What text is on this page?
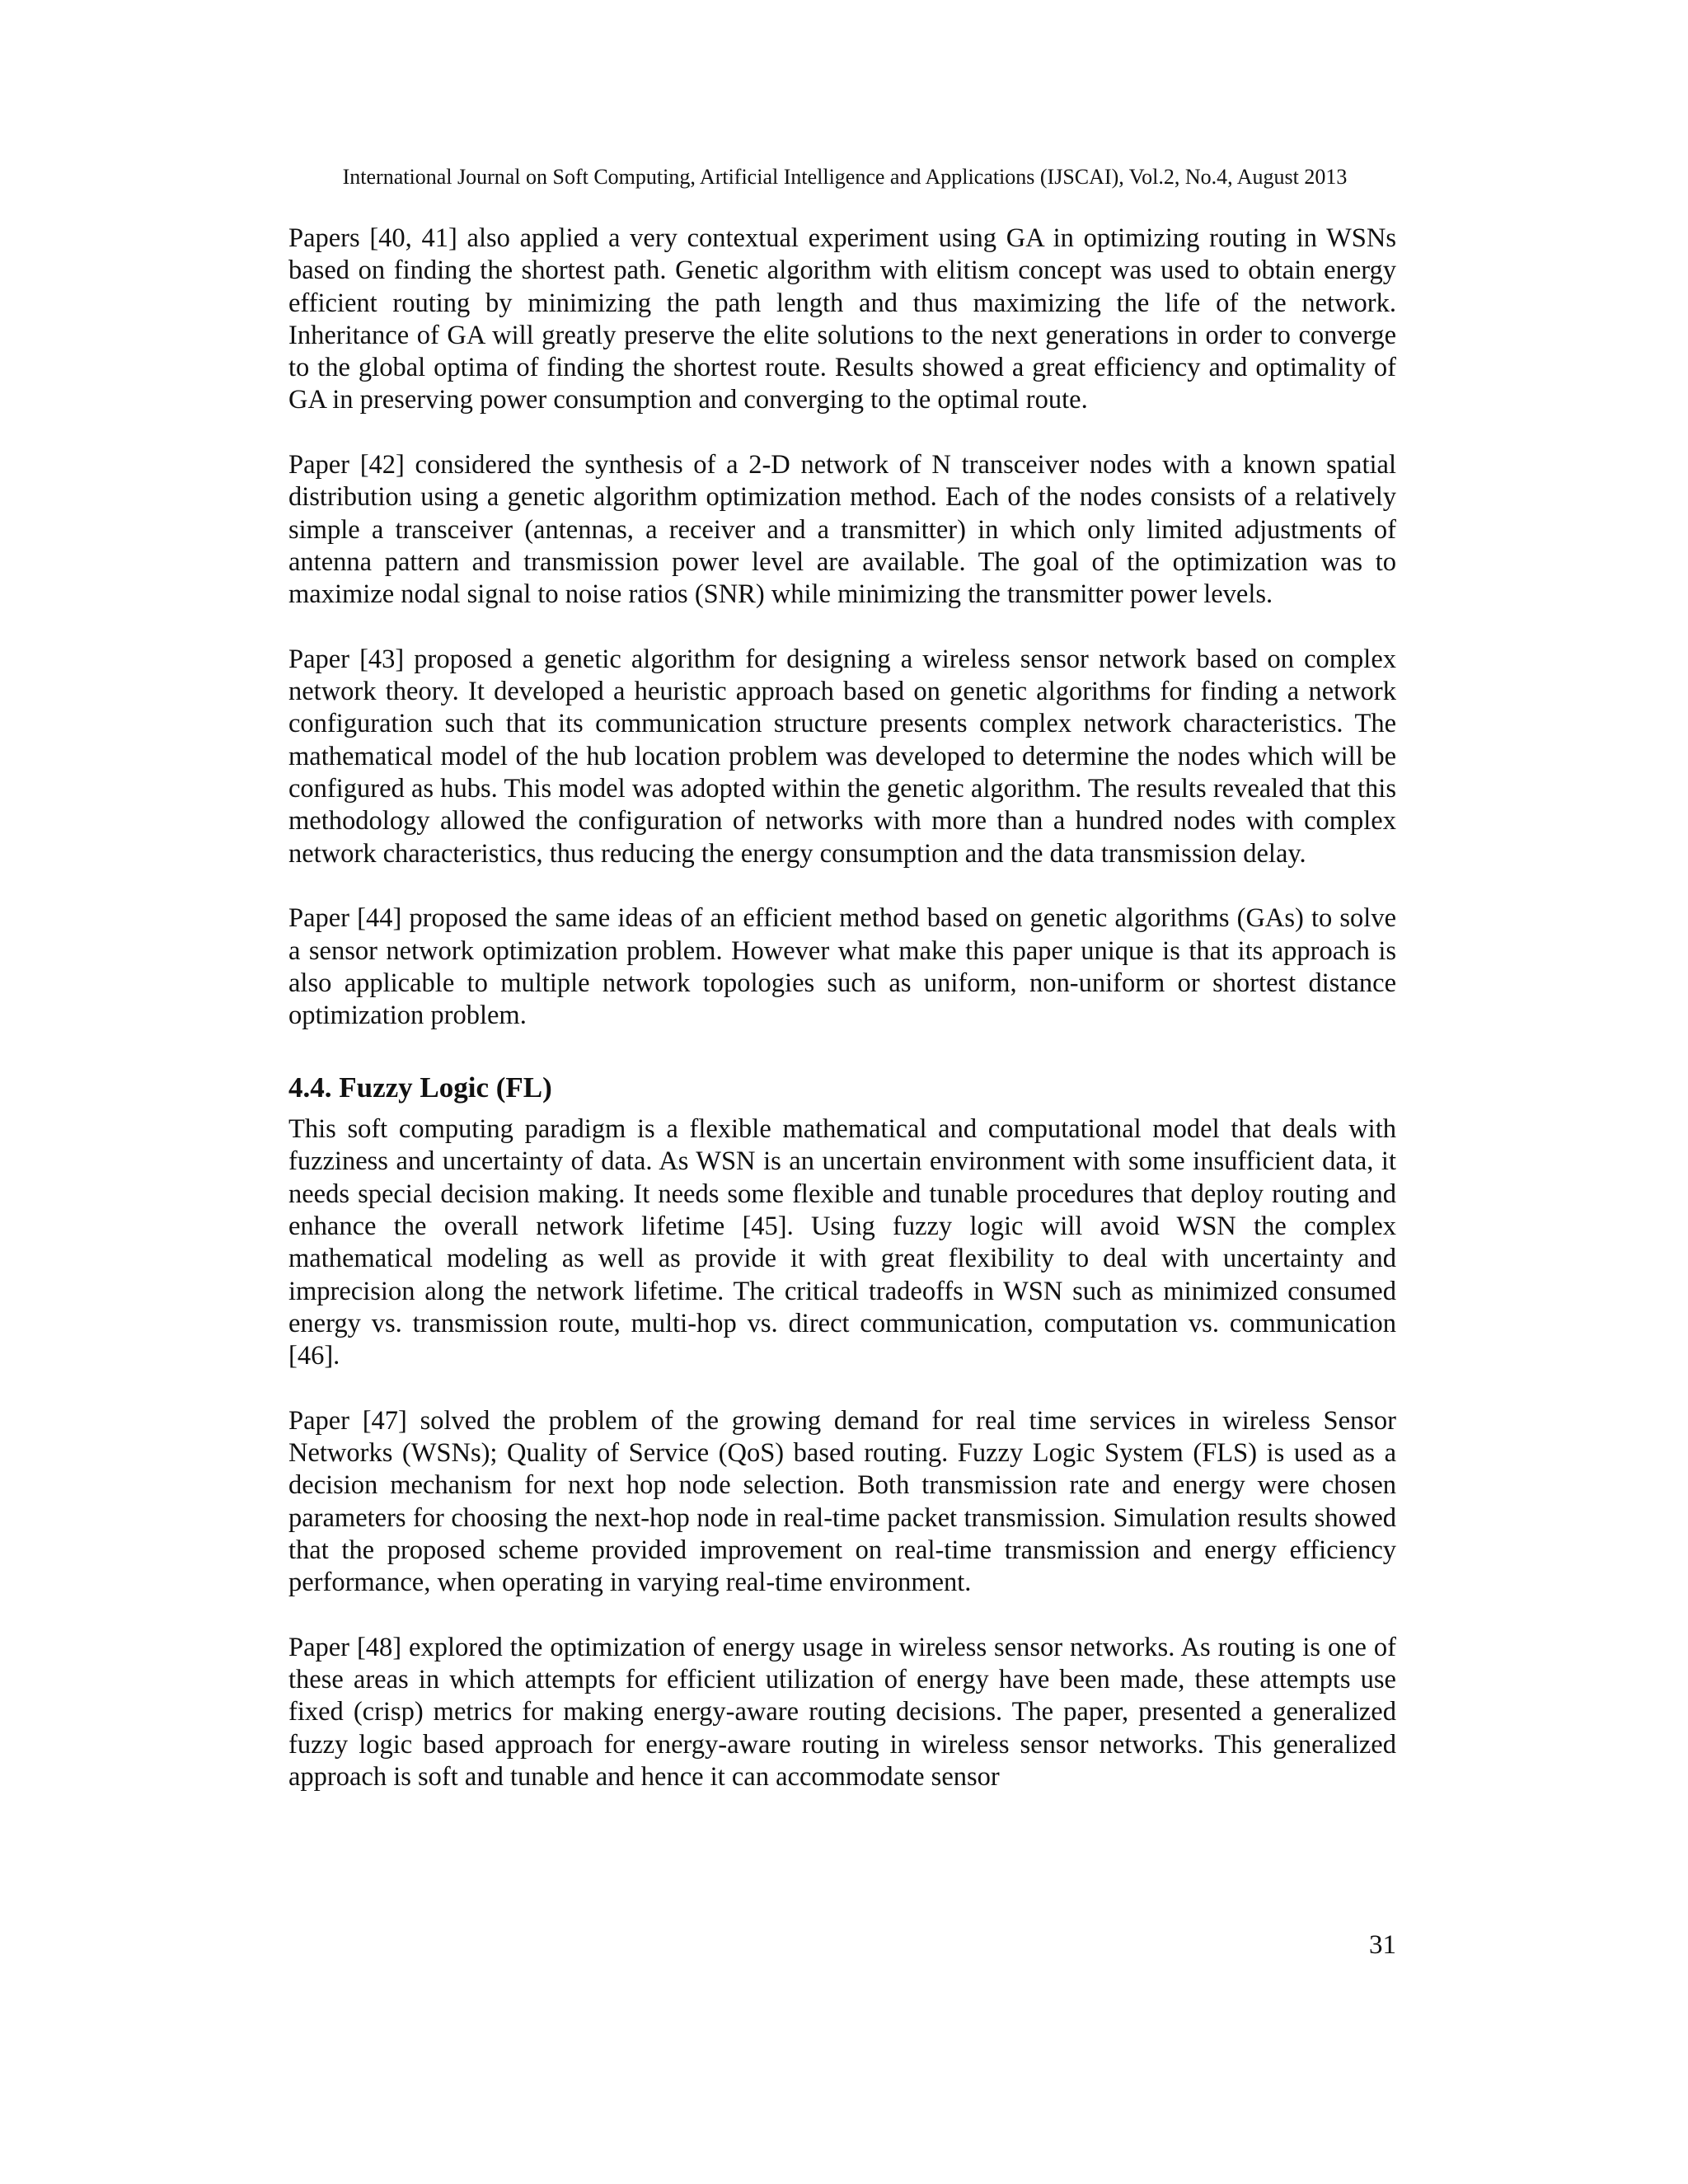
International Journal on Soft Computing, Artificial Intelligence and Applications (IJSCAI), Vol.2, No.4, August 2013

Papers [40, 41] also applied a very contextual experiment using GA in optimizing routing in WSNs based on finding the shortest path. Genetic algorithm with elitism concept was used to obtain energy efficient routing by minimizing the path length and thus maximizing the life of the network. Inheritance of GA will greatly preserve the elite solutions to the next generations in order to converge to the global optima of finding the shortest route. Results showed a great efficiency and optimality of GA in preserving power consumption and converging to the optimal route.

Paper [42] considered the synthesis of a 2-D network of N transceiver nodes with a known spatial distribution using a genetic algorithm optimization method. Each of the nodes consists of a relatively simple a transceiver (antennas, a receiver and a transmitter) in which only limited adjustments of antenna pattern and transmission power level are available. The goal of the optimization was to maximize nodal signal to noise ratios (SNR) while minimizing the transmitter power levels.

Paper [43] proposed a genetic algorithm for designing a wireless sensor network based on complex network theory. It developed a heuristic approach based on genetic algorithms for finding a network configuration such that its communication structure presents complex network characteristics. The mathematical model of the hub location problem was developed to determine the nodes which will be configured as hubs. This model was adopted within the genetic algorithm. The results revealed that this methodology allowed the configuration of networks with more than a hundred nodes with complex network characteristics, thus reducing the energy consumption and the data transmission delay.

Paper [44] proposed the same ideas of an efficient method based on genetic algorithms (GAs) to solve a sensor network optimization problem. However what make this paper unique is that its approach is also applicable to multiple network topologies such as uniform, non-uniform or shortest distance optimization problem.

4.4. Fuzzy Logic (FL)

This soft computing paradigm is a flexible mathematical and computational model that deals with fuzziness and uncertainty of data. As WSN is an uncertain environment with some insufficient data, it needs special decision making. It needs some flexible and tunable procedures that deploy routing and enhance the overall network lifetime [45]. Using fuzzy logic will avoid WSN the complex mathematical modeling as well as provide it with great flexibility to deal with uncertainty and imprecision along the network lifetime. The critical tradeoffs in WSN such as minimized consumed energy vs. transmission route, multi-hop vs. direct communication, computation vs. communication [46].

Paper [47] solved the problem of the growing demand for real time services in wireless Sensor Networks (WSNs); Quality of Service (QoS) based routing. Fuzzy Logic System (FLS) is used as a decision mechanism for next hop node selection. Both transmission rate and energy were chosen parameters for choosing the next-hop node in real-time packet transmission. Simulation results showed that the proposed scheme provided improvement on real-time transmission and energy efficiency performance, when operating in varying real-time environment.

Paper [48] explored the optimization of energy usage in wireless sensor networks. As routing is one of these areas in which attempts for efficient utilization of energy have been made, these attempts use fixed (crisp) metrics for making energy-aware routing decisions. The paper, presented a generalized fuzzy logic based approach for energy-aware routing in wireless sensor networks. This generalized approach is soft and tunable and hence it can accommodate sensor

31
